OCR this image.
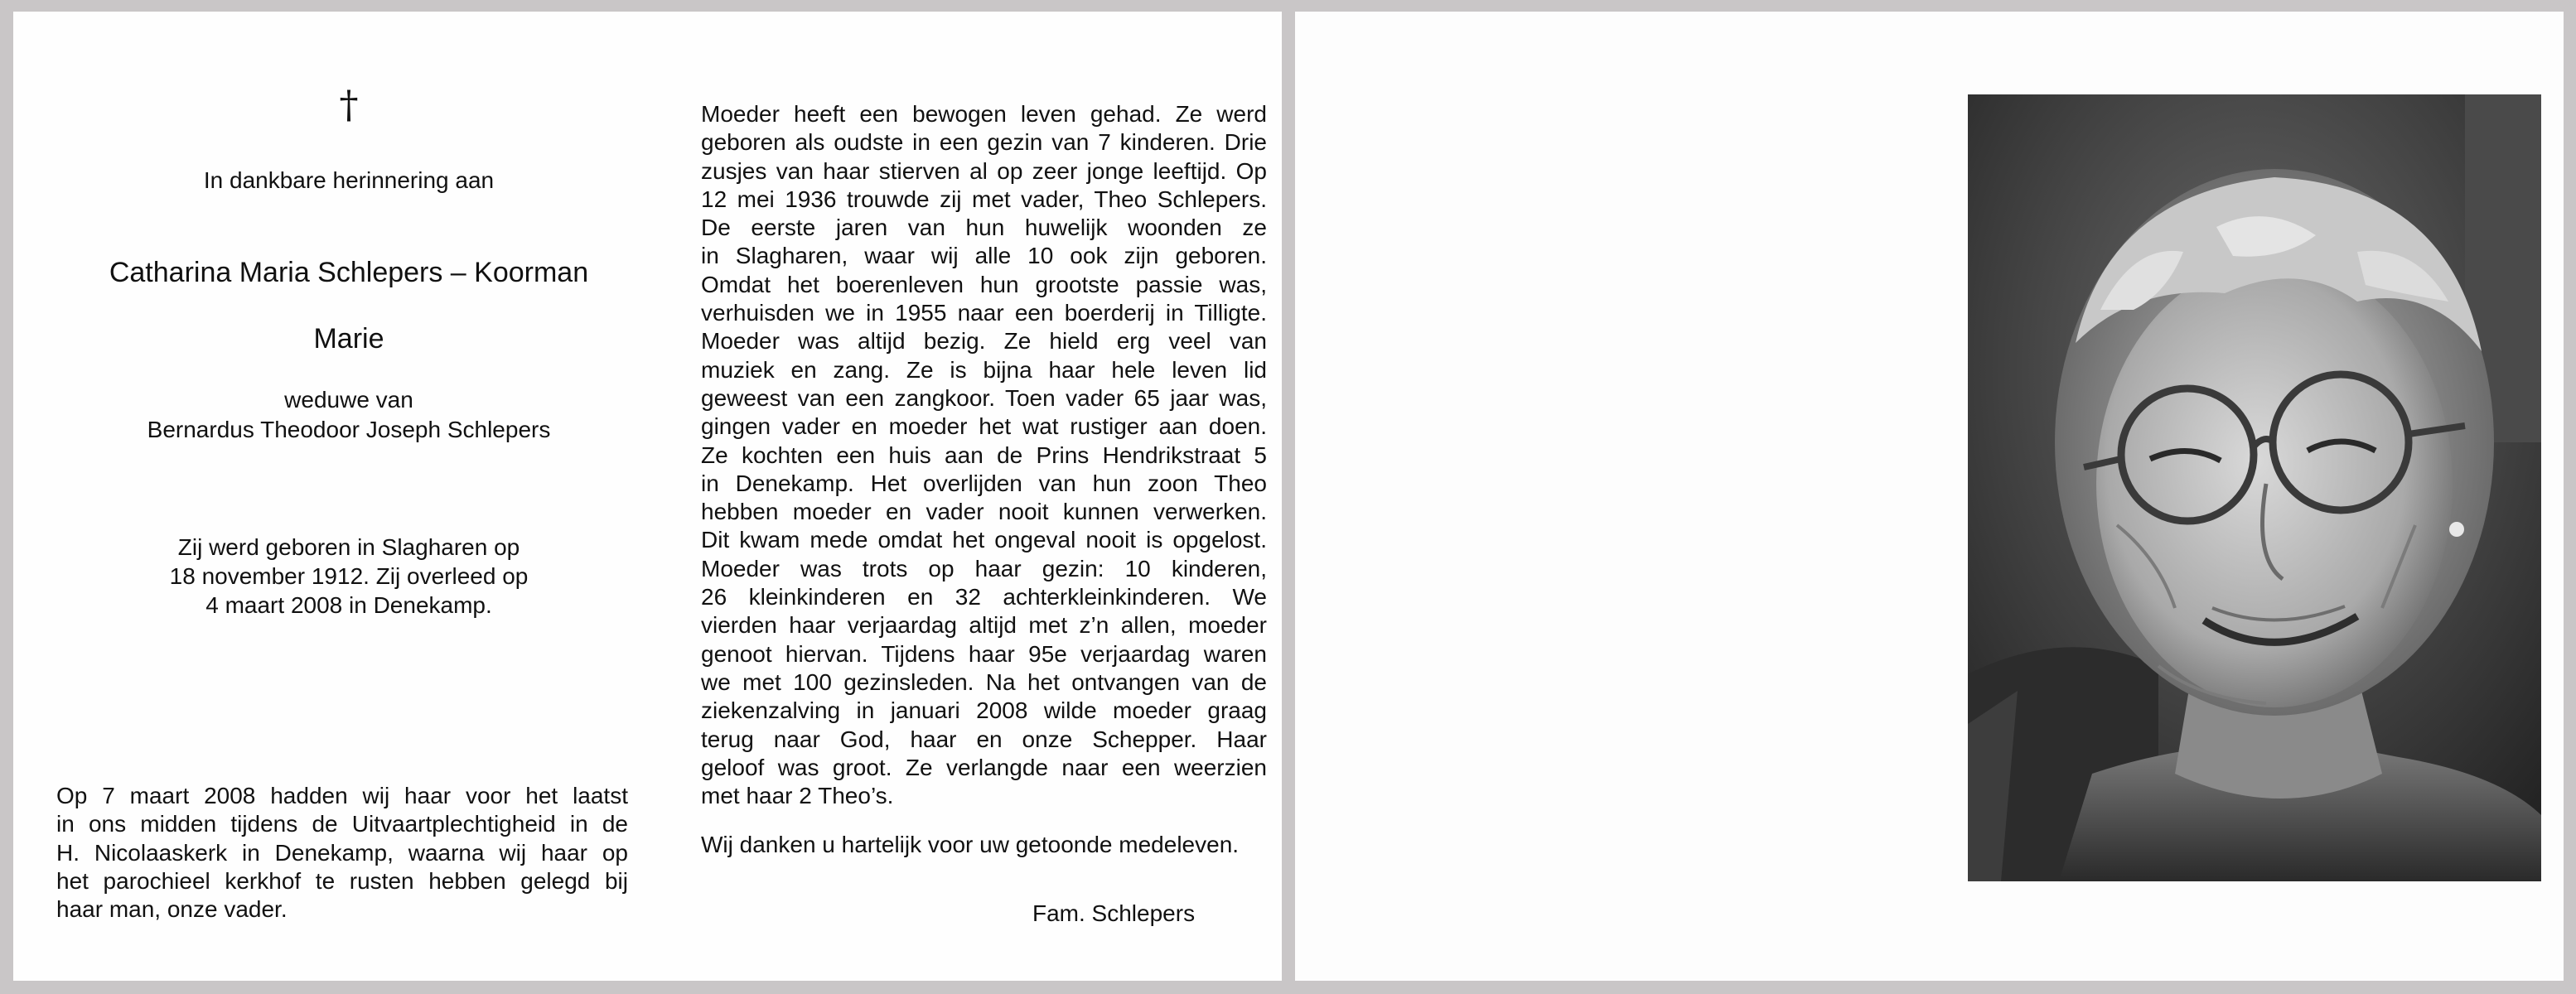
†
In dankbare herinnering aan
Catharina Maria Schlepers – Koorman
Marie
weduwe van
Bernardus Theodoor Joseph Schlepers
Zij werd geboren in Slagharen op
18 november 1912. Zij overleed op
4 maart 2008 in Denekamp.
Op 7 maart 2008 hadden wij haar voor het laatst
in ons midden tijdens de Uitvaartplechtigheid in de
H. Nicolaaskerk in Denekamp, waarna wij haar op
het parochieel kerkhof te rusten hebben gelegd bij
haar man, onze vader.
Moeder heeft een bewogen leven gehad. Ze werd
geboren als oudste in een gezin van 7 kinderen. Drie
zusjes van haar stierven al op zeer jonge leeftijd. Op
12 mei 1936 trouwde zij met vader, Theo Schlepers.
De eerste jaren van hun huwelijk woonden ze
in Slagharen, waar wij alle 10 ook zijn geboren.
Omdat het boerenleven hun grootste passie was,
verhuisden we in 1955 naar een boerderij in Tilligte.
Moeder was altijd bezig. Ze hield erg veel van
muziek en zang. Ze is bijna haar hele leven lid
geweest van een zangkoor. Toen vader 65 jaar was,
gingen vader en moeder het wat rustiger aan doen.
Ze kochten een huis aan de Prins Hendrikstraat 5
in Denekamp. Het overlijden van hun zoon Theo
hebben moeder en vader nooit kunnen verwerken.
Dit kwam mede omdat het ongeval nooit is opgelost.
Moeder was trots op haar gezin: 10 kinderen,
26 kleinkinderen en 32 achterkleinkinderen. We
vierden haar verjaardag altijd met z’n allen, moeder
genoot hiervan. Tijdens haar 95e verjaardag waren
we met 100 gezinsleden. Na het ontvangen van de
ziekenzalving in januari 2008 wilde moeder graag
terug naar God, haar en onze Schepper. Haar
geloof was groot. Ze verlangde naar een weerzien
met haar 2 Theo’s.
Wij danken u hartelijk voor uw getoonde medeleven.
Fam. Schlepers
